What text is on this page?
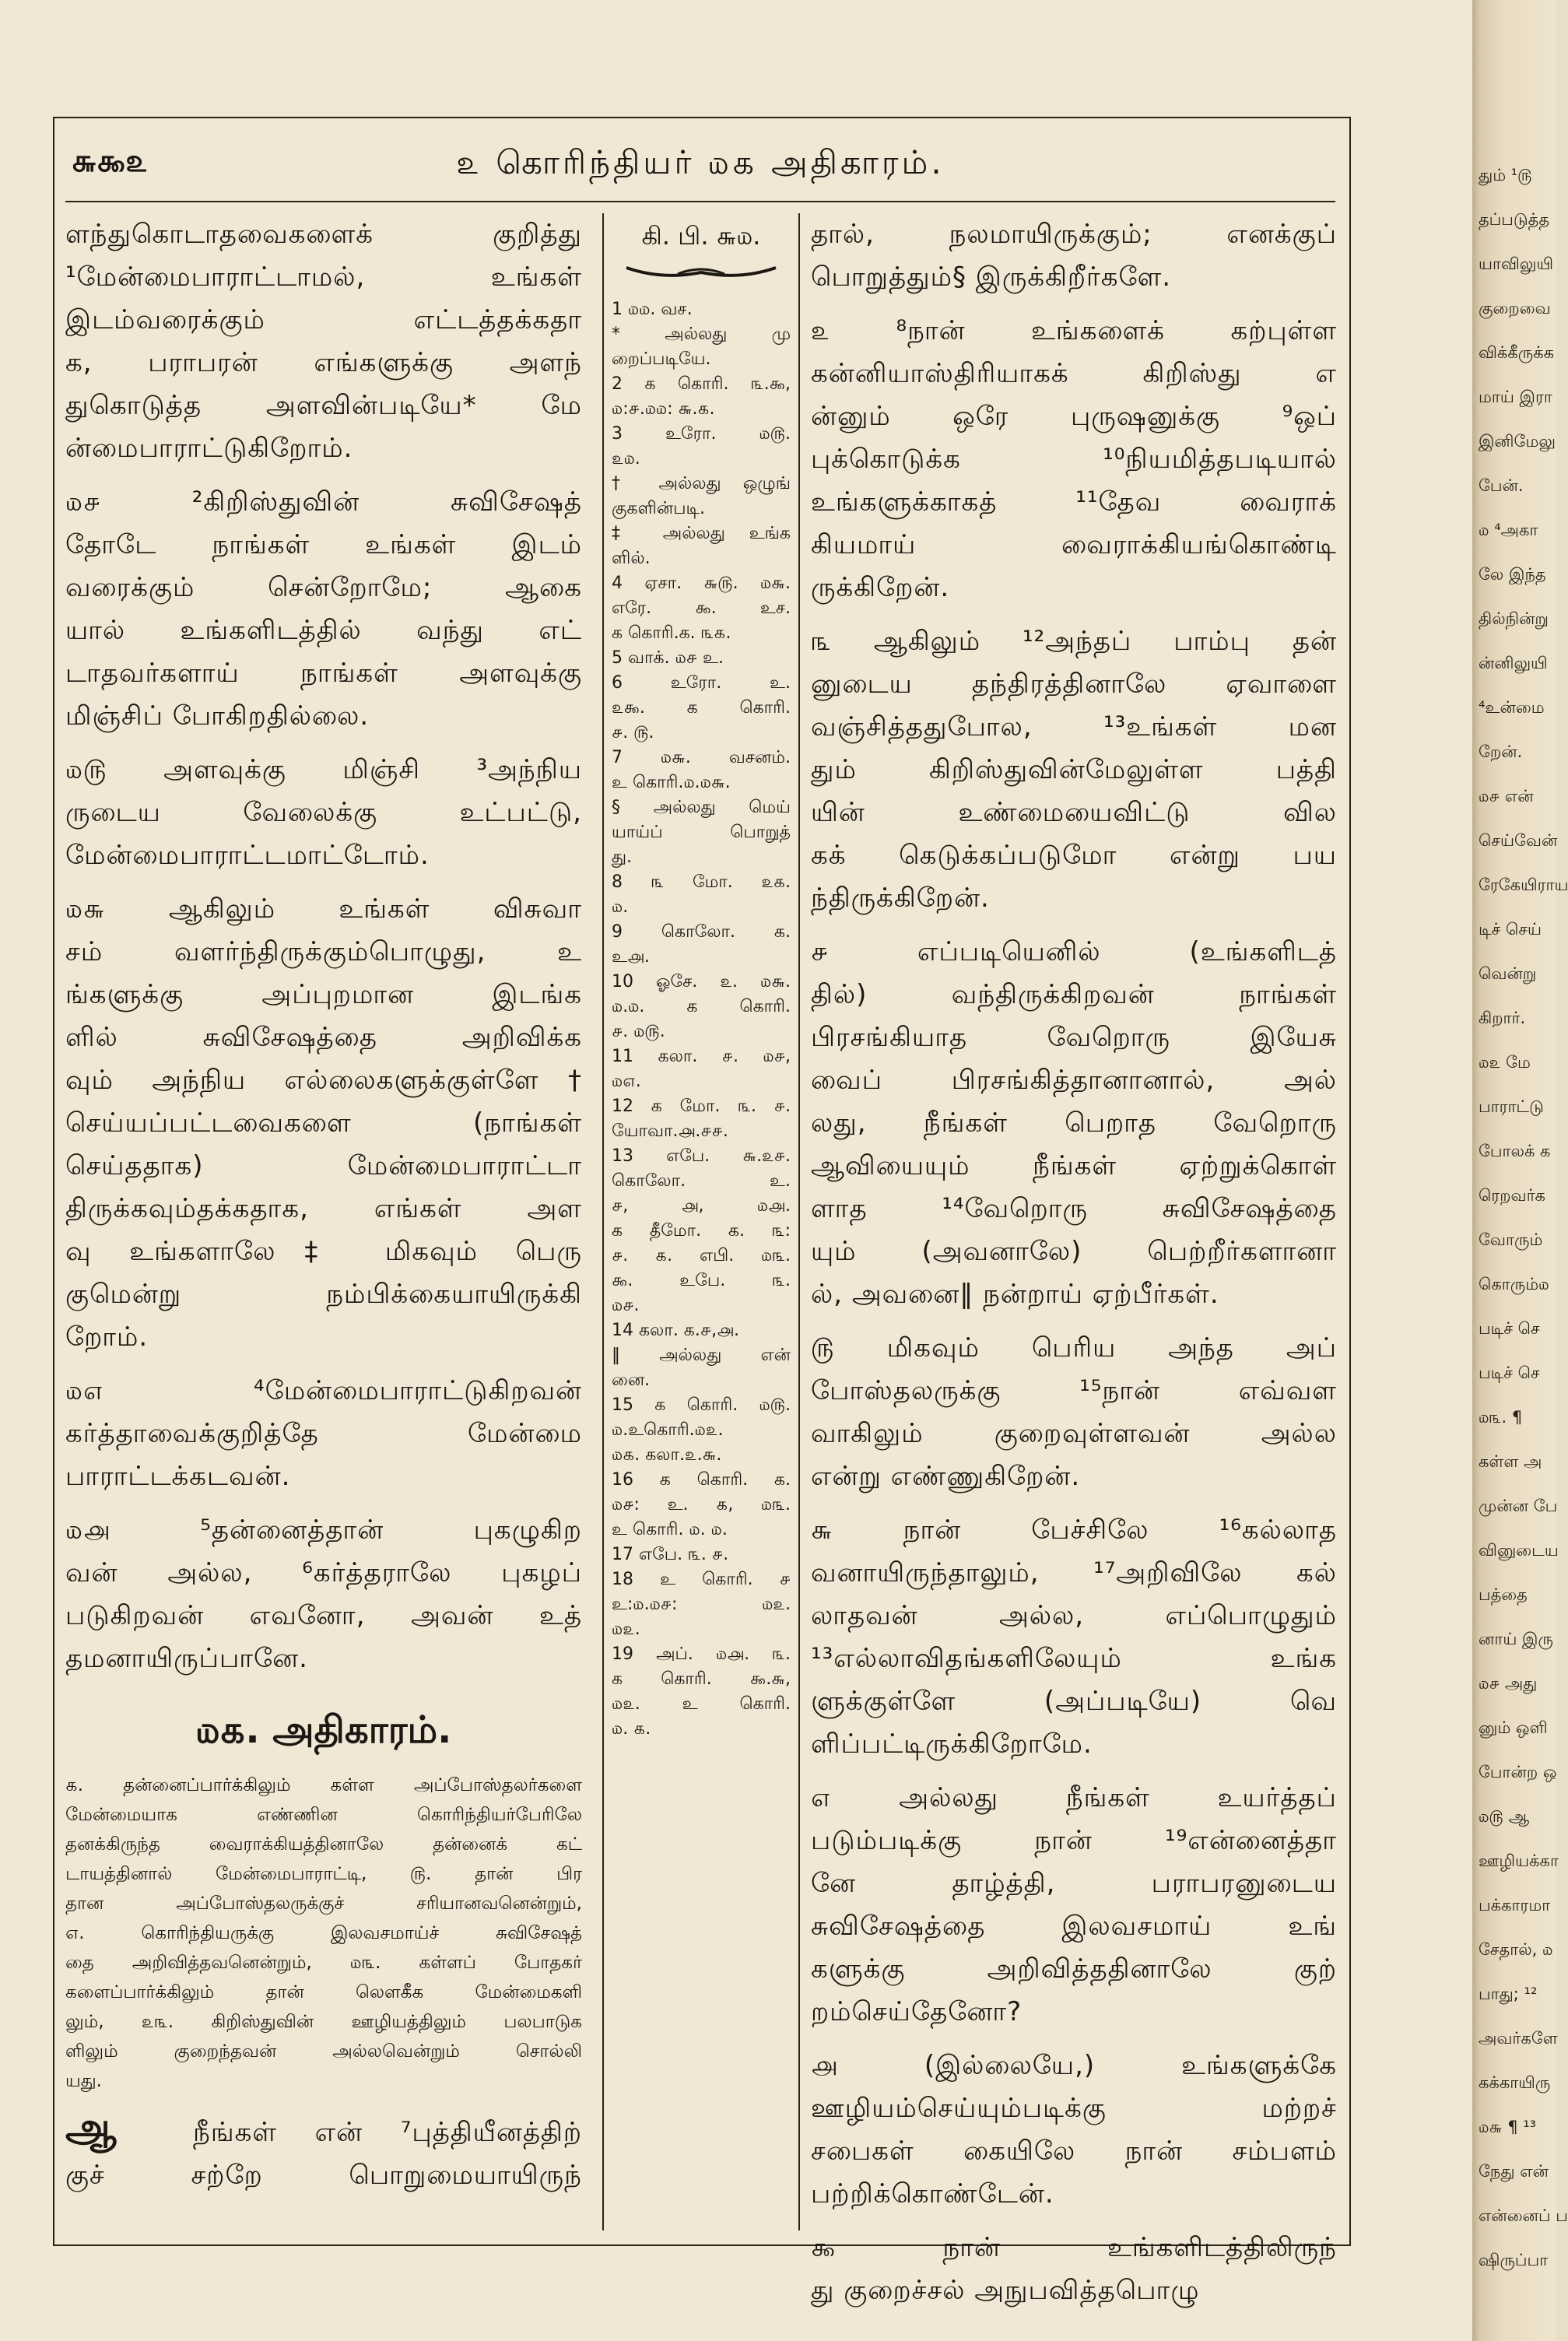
௬௯௨	௨ கொரிந்தியர் ௰௧ அதிகாரம்.
ளந்துகொடாதவைகளைக் குறித்து
¹மேன்மைபாராட்டாமல், உங்கள்
இடம்வரைக்கும் எட்டத்தக்கதா
க, பராபரன் எங்களுக்கு அளந்
துகொடுத்த அளவின்படியே* மே
ன்மைபாராட்டுகிறோம்.
௰௪ ²கிறிஸ்துவின் சுவிசேஷத்
தோடே நாங்கள் உங்கள் இடம்
வரைக்கும் சென்றோமே; ஆகை
யால் உங்களிடத்தில் வந்து எட்
டாதவர்களாய் நாங்கள் அளவுக்கு
மிஞ்சிப் போகிறதில்லை.
௰௫ அளவுக்கு மிஞ்சி ³அந்நிய
ருடைய வேலைக்கு உட்பட்டு,
மேன்மைபாராட்டமாட்டோம்.
௰௬ ஆகிலும் உங்கள் விசுவா
சம் வளர்ந்திருக்கும்பொழுது, உ
ங்களுக்கு அப்புறமான இடங்க
ளில் சுவிசேஷத்தை அறிவிக்க
வும் அந்நிய எல்லைகளுக்குள்ளே†
செய்யப்பட்டவைகளை (நாங்கள்
செய்ததாக) மேன்மைபாராட்டா
திருக்கவும்தக்கதாக, எங்கள் அள
வு உங்களாலே‡ மிகவும் பெரு
குமென்று நம்பிக்கையாயிருக்கி
றோம்.
௰௭ ⁴மேன்மைபாராட்டுகிறவன்
கர்த்தாவைக்குறித்தே மேன்மை
பாராட்டக்கடவன்.
௰௮ ⁵தன்னைத்தான் புகழுகிற
வன் அல்ல, ⁶கர்த்தராலே புகழப்
படுகிறவன் எவனோ, அவன் உத்
தமனாயிருப்பானே.
௰௧. அதிகாரம்.
௧. தன்னைப்பார்க்கிலும் கள்ள அப்போஸ்தலர்களை
மேன்மையாக எண்ணின கொரிந்தியர்பேரிலே
தனக்கிருந்த வைராக்கியத்தினாலே தன்னைக் கட்
டாயத்தினால் மேன்மைபாராட்டி, ௫. தான் பிர
தான அப்போஸ்தலருக்குச் சரியானவனென்றும்,
௭. கொரிந்தியருக்கு இலவசமாய்ச் சுவிசேஷத்
தை அறிவித்தவனென்றும், ௰௩. கள்ளப் போதகர்
களைப்பார்க்கிலும் தான் லௌகீக மேன்மைகளி
லும், ௨௩. கிறிஸ்துவின் ஊழியத்திலும் பலபாடுக
ளிலும் குறைந்தவன் அல்லவென்றும் சொல்லி
யது.
ஆ	நீங்கள் என் ⁷புத்தியீனத்திற்
குச் சற்றே பொறுமையாயிருந்
கி. பி. ௬௰.
1 ௰௰. வச.
* அல்லது மு
றைப்படியே.
2 க கொரி. ௩.௯,
௰:௪.௰௰: ௬.௧.
3 உரோ. ௰௫.
௨௰.
† அல்லது ஒழுங்
குகளின்படி.
‡ அல்லது உங்க
ளில்.
4 ஏசா. ௬௫. ௰௬.
எரே. ௯. உச.
க கொரி.க. ௩௧.
5 வாக். ௰௪ உ.
6 உரோ. உ.
௨௯. க கொரி.
௪. ௫.
7 ௰௬. வசனம்.
உ கொரி.௰.௰௬.
§ அல்லது மெய்
யாய்ப் பொறுத்
து.
8 ௩ மோ. ௨௧.
௰.
9 கொலோ. க.
உ௮.
10 ஓசே. ௨. ௰௬.
௰.௰. க கொரி.
௪. ௰௫.
11 கலா. ௪. ௰௪,
௰௭.
12 க மோ. ௩. ௪.
யோவா.௮.௪௪.
13 எபே. ௬.௨௪.
கொலோ. உ.
௪, ௮, ௰௮.
க தீமோ. க. ௩:
௪. ௧. எபி. ௰௩.
௯. உபே. ௩.
௰௪.
14 கலா. க.௪,௮.
‖ அல்லது என்
னை.
15 க கொரி. ௰௫.
௰.உகொரி.௰௨.
௰௧. கலா.௨.௬.
16 க கொரி. க.
௰௪: உ. ௧, ௰௩.
உ கொரி. ௰. ௰.
17 எபே. ௩. ௪.
18 உ கொரி. ௪
உ:௰.௰௪: ௰௨.
௰௨.
19 அப். ௰௮. ௩.
க கொரி. ௯.௬,
௰௨. உ கொரி.
௰. ௧.
தால், நலமாயிருக்கும்; எனக்குப்
பொறுத்தும்§ இருக்கிறீர்களே.
௨ ⁸நான் உங்களைக் கற்புள்ள
கன்னியாஸ்திரியாகக் கிறிஸ்து எ
ன்னும் ஒரே புருஷனுக்கு ⁹ஒப்
புக்கொடுக்க ¹⁰நியமித்தபடியால்
உங்களுக்காகத் ¹¹தேவ வைராக்
கியமாய் வைராக்கியங்கொண்டி
ருக்கிறேன்.
௩ ஆகிலும் ¹²அந்தப் பாம்பு தன்
னுடைய தந்திரத்தினாலே ஏவாளை
வஞ்சித்ததுபோல, ¹³உங்கள் மன
தும் கிறிஸ்துவின்மேலுள்ள பத்தி
யின் உண்மையைவிட்டு வில
கக் கெடுக்கப்படுமோ என்று பய
ந்திருக்கிறேன்.
௪ எப்படியெனில் (உங்களிடத்
தில்) வந்திருக்கிறவன் நாங்கள்
பிரசங்கியாத வேறொரு இயேசு
வைப் பிரசங்கித்தானானால், அல்
லது, நீங்கள் பெறாத வேறொரு
ஆவியையும் நீங்கள் ஏற்றுக்கொள்
ளாத ¹⁴வேறொரு சுவிசேஷத்தை
யும் (அவனாலே) பெற்றீர்களானா
ல், அவனை‖ நன்றாய் ஏற்பீர்கள்.
௫ மிகவும் பெரிய அந்த அப்
போஸ்தலருக்கு ¹⁵நான் எவ்வள
வாகிலும் குறைவுள்ளவன் அல்ல
என்று எண்ணுகிறேன்.
௬ நான் பேச்சிலே ¹⁶கல்லாத
வனாயிருந்தாலும், ¹⁷அறிவிலே கல்
லாதவன் அல்ல, எப்பொழுதும்
¹³எல்லாவிதங்களிலேயும் உங்க
ளுக்குள்ளே (அப்படியே) வெ
ளிப்பட்டிருக்கிறோமே.
௭ அல்லது நீங்கள் உயர்த்தப்
படும்படிக்கு நான் ¹⁹என்னைத்தா
னே தாழ்த்தி, பராபரனுடைய
சுவிசேஷத்தை இலவசமாய் உங்
களுக்கு அறிவித்ததினாலே குற்
றம்செய்தேனோ?
௮ (இல்லையே,) உங்களுக்கே
ஊழியம்செய்யும்படிக்கு மற்றச்
சபைகள் கையிலே நான் சம்பளம்
பற்றிக்கொண்டேன்.
௯ நான் உங்களிடத்திலிருந்
து குறைச்சல் அநுபவித்தபொழு
தும் ¹௫
தப்படுத்த
யாவிலுயி
குறைவை
விக்கீருக்க
மாய் இரா
இனிமேலு
பேன்.
௰ ⁴அகா
லே இந்த
தில்நின்று
ன்னிலுயி
⁴உன்மை
றேன்.
௰௪ என்
செய்வேன்
ரேகேயிராய
டிச் செய்
வென்று
கிறார்.
௰௨ மே
பாராட்டு
போலக் க
ரெறவர்க
வோரும்
கொரும்௰
படிச் செ
படிச் செ
௰௩. ¶
கள்ள அ
முன்ன பே
வினுடைய
பத்தை
னாய் இரு
௰௪ அது
னும் ஒளி
போன்ற ஒ
௰௫ ஆ
ஊழியக்கா
பக்காரமா
சேதால், ௰
பாது; ¹²
அவர்களே
கக்காயிரு
௰௬ ¶ ¹³
நேது என்
என்னைப் ப
ஷிருப்பா
